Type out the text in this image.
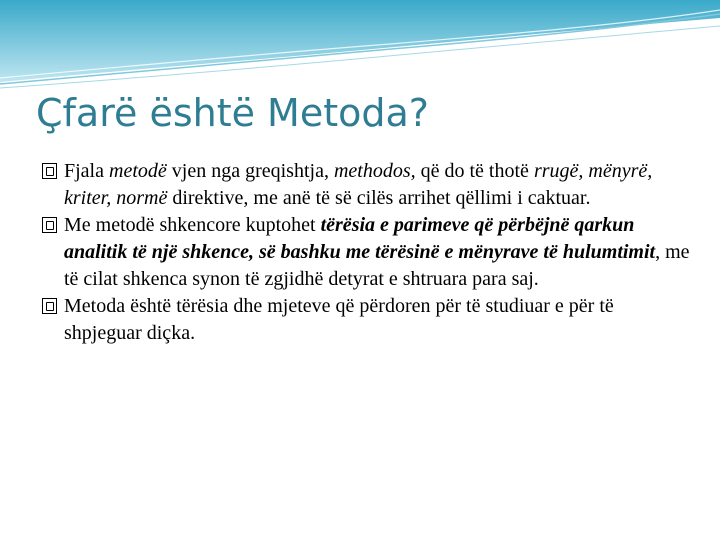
Çfarë është Metoda?
Fjala metodë vjen nga greqishtja, methodos, që do të thotë rrugë, mënyrë, kriter, normë direktive, me anë të së cilës arrihet qëllimi i caktuar.
Me metodë shkencore kuptohet tërësia e parimeve që përbëjnë qarkun analitik të një shkence, së bashku me tërësinë e mënyrave të hulumtimit, me të cilat shkenca synon të zgjidhë detyrat e shtruara para saj.
Metoda është tërësia dhe mjeteve që përdoren për të studiuar e për të shpjeguar diçka.
